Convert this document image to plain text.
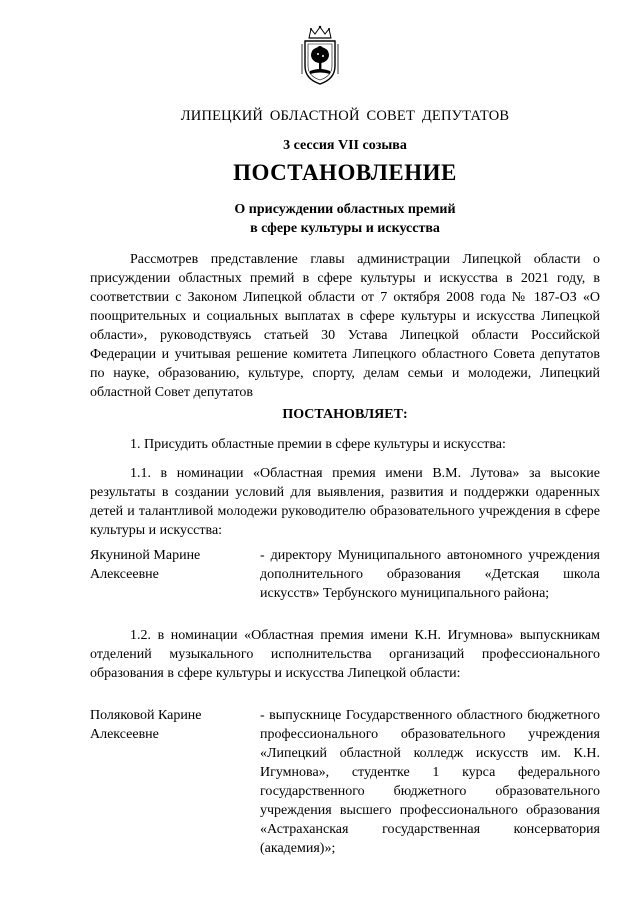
ЛИПЕЦКИЙ ОБЛАСТНОЙ СОВЕТ ДЕПУТАТОВ
3 сессия VII созыва
ПОСТАНОВЛЕНИЕ
О присуждении областных премий
в сфере культуры и искусства
Рассмотрев представление главы администрации Липецкой области о присуждении областных премий в сфере культуры и искусства в 2021 году, в соответствии с Законом Липецкой области от 7 октября 2008 года № 187-ОЗ «О поощрительных и социальных выплатах в сфере культуры и искусства Липецкой области», руководствуясь статьей 30 Устава Липецкой области Российской Федерации и учитывая решение комитета Липецкого областного Совета депутатов по науке, образованию, культуре, спорту, делам семьи и молодежи, Липецкий областной Совет депутатов
ПОСТАНОВЛЯЕТ:
1. Присудить областные премии в сфере культуры и искусства:
1.1. в номинации «Областная премия имени В.М. Лутова» за высокие результаты в создании условий для выявления, развития и поддержки одаренных детей и талантливой молодежи руководителю образовательного учреждения в сфере культуры и искусства:
Якуниной Марине Алексеевне
- директору Муниципального автономного учреждения дополнительного образования «Детская школа искусств» Тербунского муниципального района;
1.2. в номинации «Областная премия имени К.Н. Игумнова» выпускникам отделений музыкального исполнительства организаций профессионального образования в сфере культуры и искусства Липецкой области:
Поляковой Карине Алексеевне
- выпускнице Государственного областного бюджетного профессионального образовательного учреждения «Липецкий областной колледж искусств им. К.Н. Игумнова», студентке 1 курса федерального государственного бюджетного образовательного учреждения высшего профессионального образования «Астраханская государственная консерватория (академия)»;
